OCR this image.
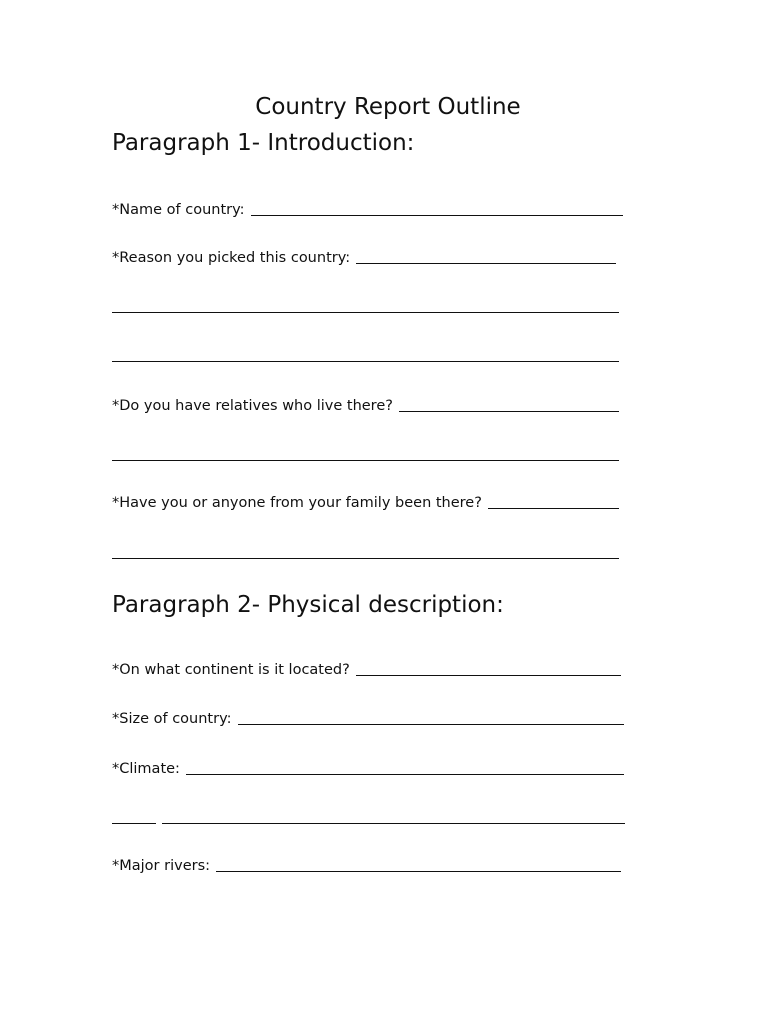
Country Report Outline
Paragraph 1- Introduction:
*Name of country:
*Reason you picked this country:
*Do you have relatives who live there?
*Have you or anyone from your family been there?
Paragraph 2- Physical description:
*On what continent is it located?
*Size of country:
*Climate:
*Major rivers:
